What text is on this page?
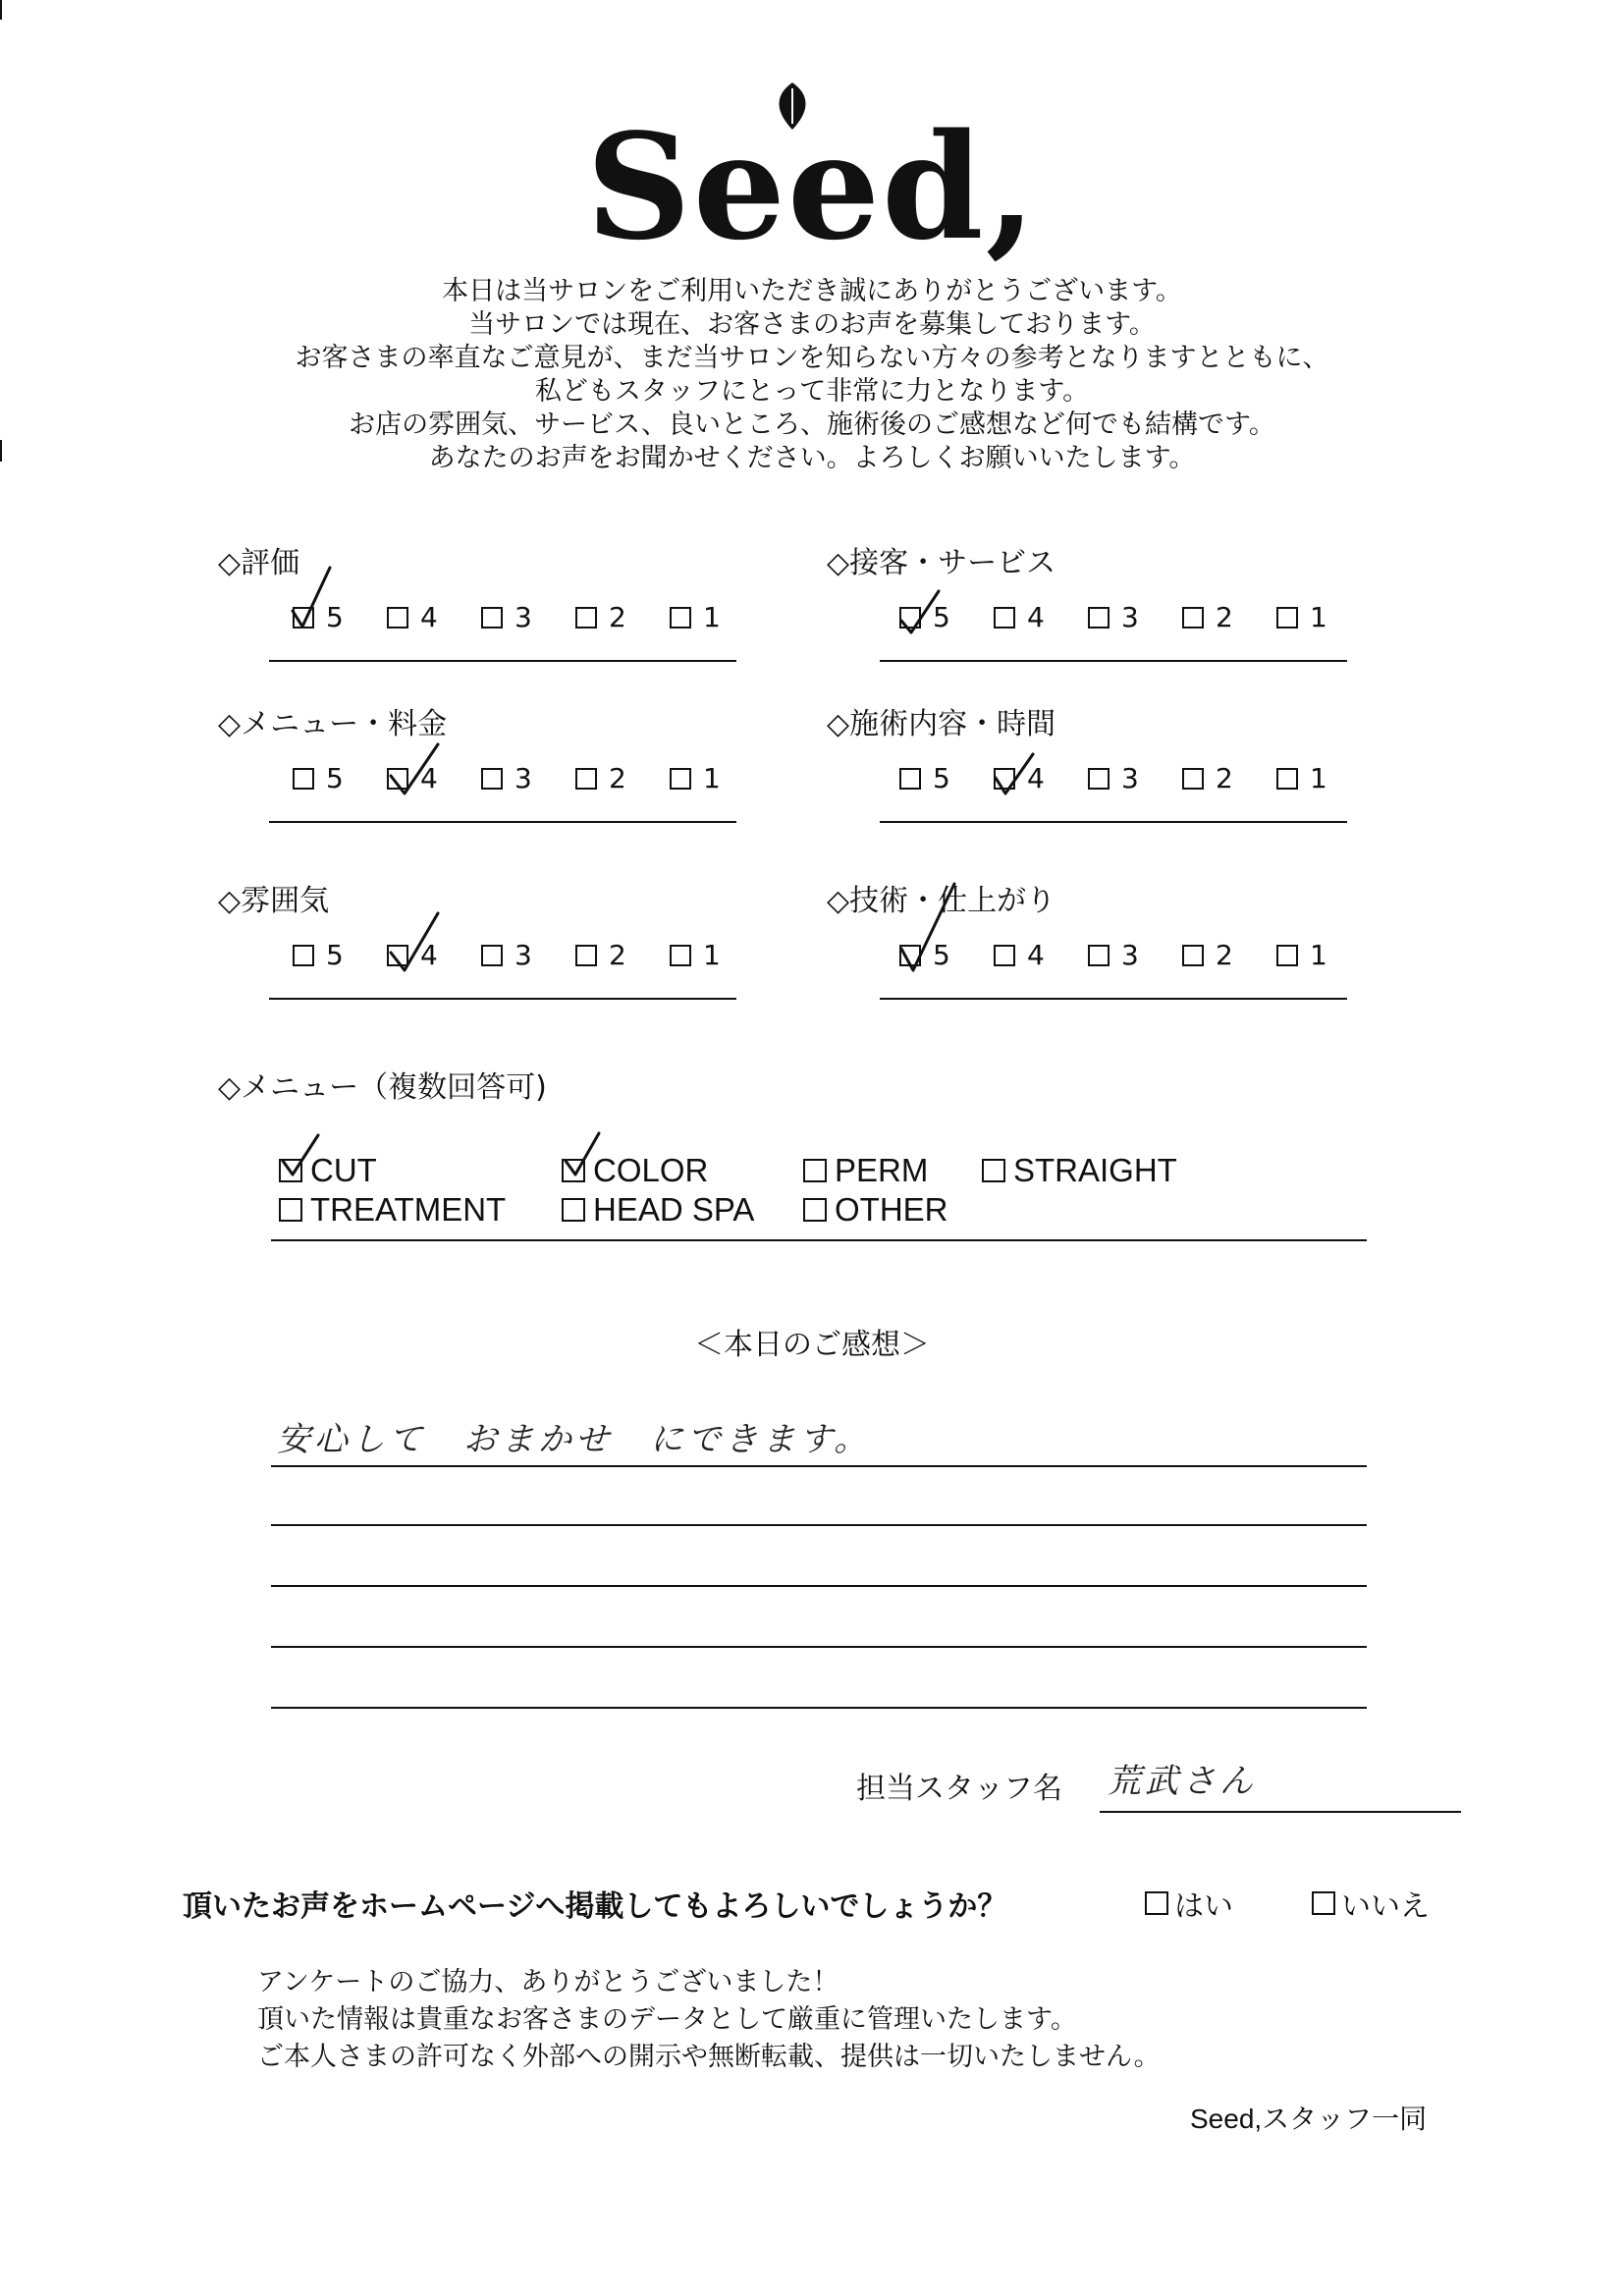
Seed,
本日は当サロンをご利用いただき誠にありがとうございます。
当サロンでは現在、お客さまのお声を募集しております。
お客さまの率直なご意見が、まだ当サロンを知らない方々の参考となりますとともに、
私どもスタッフにとって非常に力となります。
お店の雰囲気、サービス、良いところ、施術後のご感想など何でも結構です。
あなたのお声をお聞かせください。よろしくお願いいたします。
◇評価
5	4	3	2	1
◇接客・サービス
5	4	3	2	1
◇メニュー・料金
5	4	3	2	1
◇施術内容・時間
5	4	3	2	1
◇雰囲気
5	4	3	2	1
◇技術・仕上がり
5	4	3	2	1
◇メニュー（複数回答可)
CUT	COLOR	PERM	STRAIGHT
TREATMENT	HEAD SPA OTHER
＜本日のご感想＞
安心して　おまかせ　にできます。
担当スタッフ名 荒武さん
頂いたお声をホームページへ掲載してもよろしいでしょうか？	はい	いいえ
アンケートのご協力、ありがとうございました！
頂いた情報は貴重なお客さまのデータとして厳重に管理いたします。
ご本人さまの許可なく外部への開示や無断転載、提供は一切いたしません。
Seed,スタッフ一同
